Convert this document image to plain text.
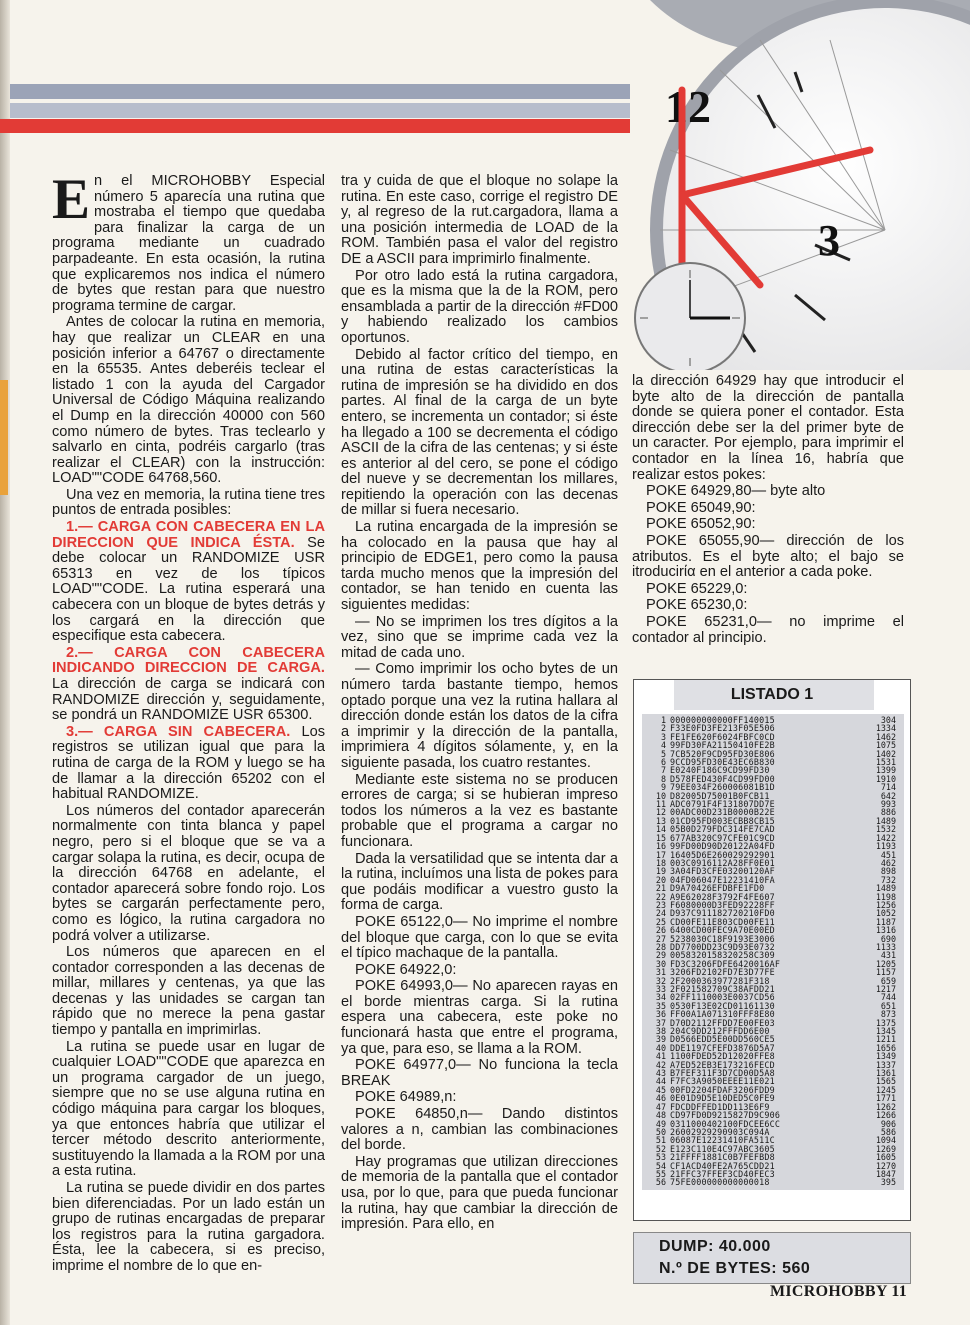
12
3
E n el MICROHOBBY Especial número 5 aparecía una rutina que mostraba el tiempo que quedaba para finalizar la carga de un programa mediante un cuadrado parpadeante. En esta ocasión, la rutina que explicaremos nos indica el número de bytes que restan para que nuestro programa termine de cargar.

Antes de colocar la rutina en memoria, hay que realizar un CLEAR en una posición inferior a 64767 o directamente en la 65535. Antes deberéis teclear el listado 1 con la ayuda del Cargador Universal de Código Máquina realizando el Dump en la dirección 40000 con 560 como número de bytes. Tras teclearlo y salvarlo en cinta, podréis cargarlo (tras realizar el CLEAR) con la instrucción: LOAD""CODE 64768,560.

Una vez en memoria, la rutina tiene tres puntos de entrada posibles:

1.— CARGA CON CABECERA EN LA DIRECCION QUE INDICA ÉSTA. Se debe colocar un RANDOMIZE USR 65313 en vez de los típicos LOAD""CODE. La rutina esperará una cabecera con un bloque de bytes detrás y los cargará en la dirección que especifique esta cabecera.

2.— CARGA CON CABECERA INDICANDO DIRECCION DE CARGA. La dirección de carga se indicará con RANDOMIZE dirección y, seguidamente, se pondrá un RANDOMIZE USR 65300.

3.— CARGA SIN CABECERA. Los registros se utilizan igual que para la rutina de carga de la ROM y luego se ha de llamar a la dirección 65202 con el habitual RANDOMIZE.

Los números del contador aparecerán normalmente con tinta blanca y papel negro, pero si el bloque que se va a cargar solapa la rutina, es decir, ocupa de la dirección 64768 en adelante, el contador aparecerá sobre fondo rojo. Los bytes se cargarán perfectamente pero, como es lógico, la rutina cargadora no podrá volver a utilizarse.

Los números que aparecen en el contador corresponden a las decenas de millar, millares y centenas, ya que las decenas y las unidades se cargan tan rápido que no merece la pena gastar tiempo y pantalla en imprimirlas.

La rutina se puede usar en lugar de cualquier LOAD""CODE que aparezca en un programa cargador de un juego, siempre que no se use alguna rutina en código máquina para cargar los bloques, ya que entonces habría que utilizar el tercer método descrito anteriormente, sustituyendo la llamada a la ROM por una a esta rutina.

La rutina se puede dividir en dos partes bien diferenciadas. Por un lado están un grupo de rutinas encargadas de preparar los registros para la rutina gargadora. Ésta, lee la cabecera, si es preciso, imprime el nombre de lo que en-

tra y cuida de que el bloque no solape la rutina. En este caso, corrige el registro DE y, al regreso de la rut.cargadora, llama a una posición intermedia de LOAD de la ROM. También pasa el valor del registro DE a ASCII para imprimirlo finalmente.

Por otro lado está la rutina cargadora, que es la misma que la de la ROM, pero ensamblada a partir de la dirección #FD00 y habiendo realizado los cambios oportunos.

Debido al factor crítico del tiempo, en una rutina de estas características la rutina de impresión se ha dividido en dos partes. Al final de la carga de un byte entero, se incrementa un contador; si éste ha llegado a 100 se decrementa el código ASCII de la cifra de las centenas; y si éste es anterior al del cero, se pone el código del nueve y se decrementan los millares, repitiendo la operación con las decenas de millar si fuera necesario.

La rutina encargada de la impresión se ha colocado en la pausa que hay al principio de EDGE1, pero como la pausa tarda mucho menos que la impresión del contador, se han tenido en cuenta las siguientes medidas:

— No se imprimen los tres dígitos a la vez, sino que se imprime cada vez la mitad de cada uno.

— Como imprimir los ocho bytes de un número tarda bastante tiempo, hemos optado porque una vez la rutina hallara al dirección donde están los datos de la cifra a imprimir y la dirección de la pantalla, imprimiera 4 dígitos sólamente, y, en la siguiente pasada, los cuatro restantes.

Mediante este sistema no se producen errores de carga; si se hubieran impreso todos los números a la vez es bastante probable que el programa a cargar no funcionara.

Dada la versatilidad que se intenta dar a la rutina, incluímos una lista de pokes para que podáis modificar a vuestro gusto la forma de carga.

POKE 65122,0— No imprime el nombre del bloque que carga, con lo que se evita el típico machaque de la pantalla.

POKE 64922,0:

POKE 64993,0— No aparecen rayas en el borde mientras carga. Si la rutina espera una cabecera, este poke no funcionará hasta que entre el programa, ya que, para eso, se llama a la ROM.

POKE 64977,0— No funciona la tecla BREAK

POKE 64989,n:

POKE 64850,n— Dando distintos valores a n, cambian las combinaciones del borde.

Hay programas que utilizan direcciones de memoria de la pantalla que el contador usa, por lo que, para que pueda funcionar la rutina, hay que cambiar la dirección de impresión. Para ello, en

la dirección 64929 hay que introducir el byte alto de la dirección de pantalla donde se quiera poner el contador. Esta dirección debe ser la del primer byte de un caracter. Por ejemplo, para imprimir el contador en la línea 16, habría que realizar estos pokes:

POKE 64929,80— byte alto

POKE 65049,90:

POKE 65052,90:

POKE 65055,90— dirección de los atributos. Es el byte alto; el bajo se itroducirία en el anterior a cada poke.

POKE 65229,0:

POKE 65230,0:

POKE 65231,0— no imprime el contador al principio.

LISTADO 1
1 000000000000FF140015	304
2 F33E0FD3FE213F05E506	1334
3 FE1FE620F6024FBFC0CD	1462
4 99FD30FA21150410FE2B	1075
5 7CB520F9CD95FD30E806	1402
6 9CCD95FD30E43EC6B830	1531
7 E0240F186C9CD99FD30	1399
8 D578FED430F4CD99FD00	1910
9 79EE034F260006081B1D	714
10 D82005D75001B0FCB11	642
11 ADC0791F4F131807DD7E	993
12 00ADC00D231B0000B22E	886
13 01CD95FD003ECBB8CB15	1489
14 05B0D279FDC314FE7CAD	1532
15 677AB320C97CFE01C9CD	1422
16 99FD00D90D20122A04FD	1193
17 16405D6E260029292901	451
18 003C0916112A28FF0E01	462
19 3A04FD3CFE03200120AF	898
20 04FD06047E12231410FA	732
21 D9A70426EFDBFE1FD0	1489
22 A9E62028F3792F4FE607	1198
23 F6080000D3FED92228FF	1256
24 D937C911182720210FD0	1052
25 CD00FE11E803CD00FE11	1187
26 6400CD00FEC9A70E00ED	1316
27 5238030C18F9193E3006	690
28 DD7700DD23C9D93E0732	1133
29 0058320158320258C309	431
30 FD3C3206FDFE6420016AF	1205
31 3206FD2102FD7E3D77FE	1157
32 2F2000363977281F318	659
33 2F021582709C38AFDD21	1217
34 02FF1110003E0037CD56	744
35 0530F13E02CD01161130	651
36 FF00A1A071310FFF8E80	873
37 D70D2112FFDD7E00FE03	1375
38 204C9DD212FFFDD6E00	1345
39 D0566EDD5E00DD560CE5	1211
40 DDE1197CFEFD3876D5A7	1656
41 1100FDED52D12020FFE8	1349
42 A7ED52EB3E173216FECD	1337
43 B7FEF311F3D7CD00D5A8	1361
44 F7FC3A9050EEEE11E021	1565
45 00FD2204FDAF3206FDD9	1245
46 0E01D9D5E10DED5C0FE9	1771
47 FDCDDFFED1DD113E6F9	1262
48 CD97FD0D9215827D9C906	1266
49 0311000402100FDCEE6CC	906
50 26002929290903C094A	586
51 06087E12231410FA511C	1094
52 E123C110E4C97ABC3605	1269
53 21FFFF1881C0B7FEFBD8	1605
54 CF1ACD40FE2A765CDD21	1270
55 21FFC37FFEF3CD40FEC3	1847
56 75FE000000000000018	395
DUMP: 40.000
N.º DE BYTES: 560
MICROHOBBY 11
